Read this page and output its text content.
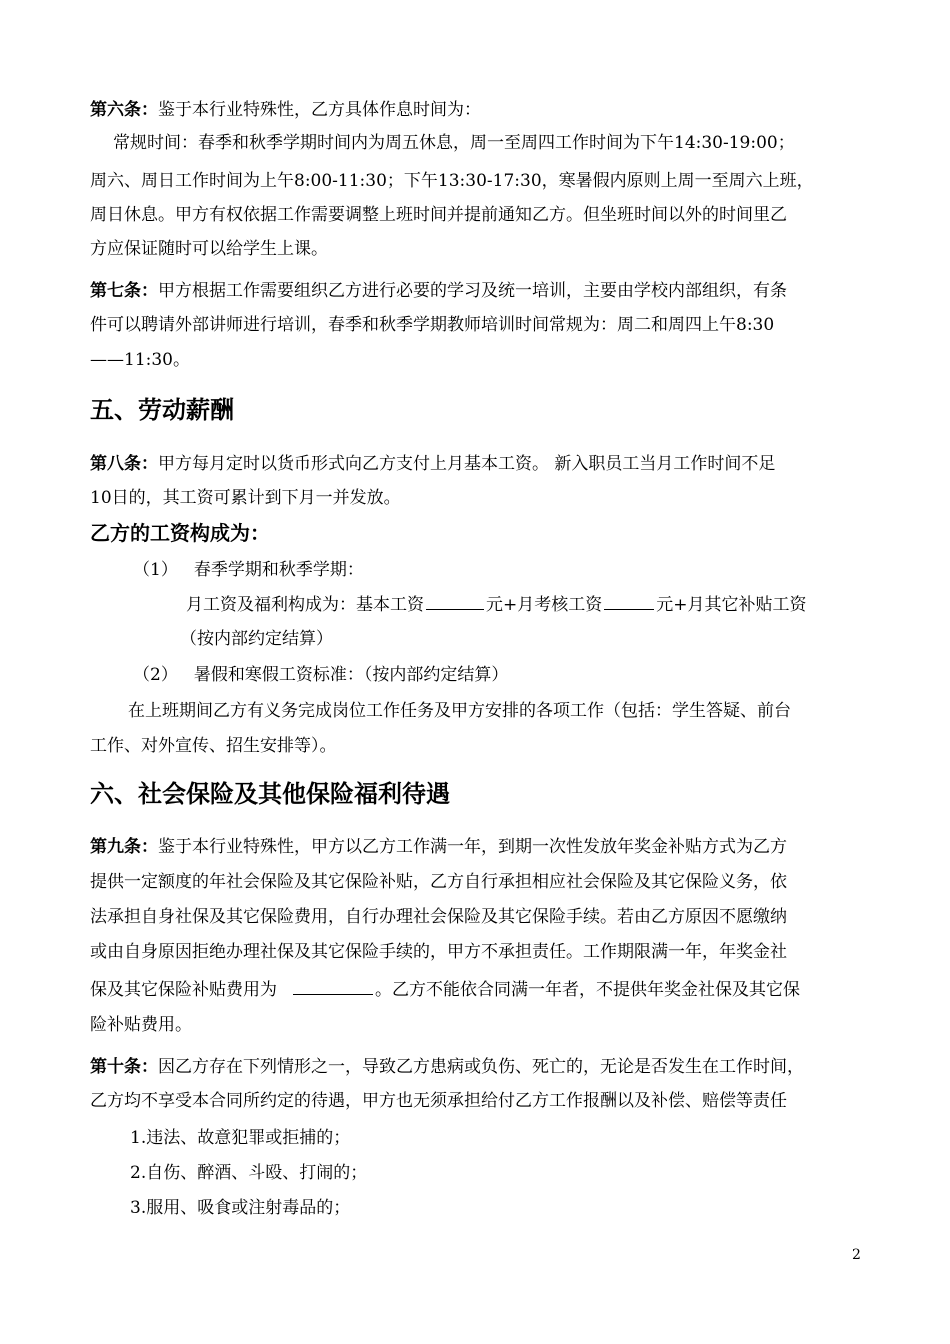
第六条：鉴于本行业特殊性，乙方具体作息时间为：
常规时间：春季和秋季学期时间内为周五休息，周一至周四工作时间为下午14:30-19:00；
周六、周日工作时间为上午8:00-11:30；下午13:30-17:30，寒暑假内原则上周一至周六上班，
周日休息。甲方有权依据工作需要调整上班时间并提前通知乙方。但坐班时间以外的时间里乙
方应保证随时可以给学生上课。
第七条：甲方根据工作需要组织乙方进行必要的学习及统一培训，主要由学校内部组织，有条
件可以聘请外部讲师进行培训，春季和秋季学期教师培训时间常规为：周二和周四上午8:30
——11:30。
五、劳动薪酬
第八条：甲方每月定时以货币形式向乙方支付上月基本工资。 新入职员工当月工作时间不足
10日的，其工资可累计到下月一并发放。
乙方的工资构成为：
（1） 春季学期和秋季学期：
月工资及福利构成为：基本工资	元+月考核工资	元+月其它补贴工资
（按内部约定结算）
（2） 暑假和寒假工资标准：（按内部约定结算）
在上班期间乙方有义务完成岗位工作任务及甲方安排的各项工作（包括：学生答疑、前台
工作、对外宣传、招生安排等）。
六、社会保险及其他保险福利待遇
第九条：鉴于本行业特殊性，甲方以乙方工作满一年，到期一次性发放年奖金补贴方式为乙方
提供一定额度的年社会保险及其它保险补贴，乙方自行承担相应社会保险及其它保险义务，依
法承担自身社保及其它保险费用，自行办理社会保险及其它保险手续。若由乙方原因不愿缴纳
或由自身原因拒绝办理社保及其它保险手续的，甲方不承担责任。工作期限满一年，年奖金社
保及其它保险补贴费用为	。乙方不能依合同满一年者，不提供年奖金社保及其它保
险补贴费用。
第十条：因乙方存在下列情形之一，导致乙方患病或负伤、死亡的，无论是否发生在工作时间，
乙方均不享受本合同所约定的待遇，甲方也无须承担给付乙方工作报酬以及补偿、赔偿等责任
1.违法、故意犯罪或拒捕的；
2.自伤、醉酒、斗殴、打闹的；
3.服用、吸食或注射毒品的；
2
